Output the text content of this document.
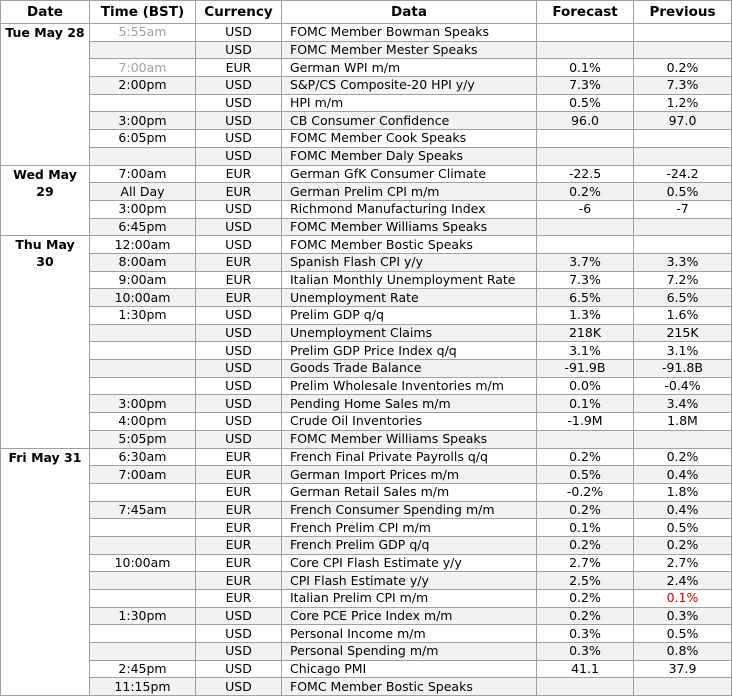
Date	Time (BST)	Currency	Data	Forecast	Previous
Tue May 28	5:55am	USD	FOMC Member Bowman Speaks		
		USD	FOMC Member Mester Speaks		
	7:00am	EUR	German WPI m/m	0.1%	0.2%
	2:00pm	USD	S&P/CS Composite-20 HPI y/y	7.3%	7.3%
		USD	HPI m/m	0.5%	1.2%
	3:00pm	USD	CB Consumer Confidence	96.0	97.0
	6:05pm	USD	FOMC Member Cook Speaks		
		USD	FOMC Member Daly Speaks		
Wed May 29	7:00am	EUR	German GfK Consumer Climate	-22.5	-24.2
	All Day	EUR	German Prelim CPI m/m	0.2%	0.5%
	3:00pm	USD	Richmond Manufacturing Index	-6	-7
	6:45pm	USD	FOMC Member Williams Speaks		
Thu May 30	12:00am	USD	FOMC Member Bostic Speaks		
	8:00am	EUR	Spanish Flash CPI y/y	3.7%	3.3%
	9:00am	EUR	Italian Monthly Unemployment Rate	7.3%	7.2%
	10:00am	EUR	Unemployment Rate	6.5%	6.5%
	1:30pm	USD	Prelim GDP q/q	1.3%	1.6%
		USD	Unemployment Claims	218K	215K
		USD	Prelim GDP Price Index q/q	3.1%	3.1%
		USD	Goods Trade Balance	-91.9B	-91.8B
		USD	Prelim Wholesale Inventories m/m	0.0%	-0.4%
	3:00pm	USD	Pending Home Sales m/m	0.1%	3.4%
	4:00pm	USD	Crude Oil Inventories	-1.9M	1.8M
	5:05pm	USD	FOMC Member Williams Speaks		
Fri May 31	6:30am	EUR	French Final Private Payrolls q/q	0.2%	0.2%
	7:00am	EUR	German Import Prices m/m	0.5%	0.4%
		EUR	German Retail Sales m/m	-0.2%	1.8%
	7:45am	EUR	French Consumer Spending m/m	0.2%	0.4%
		EUR	French Prelim CPI m/m	0.1%	0.5%
		EUR	French Prelim GDP q/q	0.2%	0.2%
	10:00am	EUR	Core CPI Flash Estimate y/y	2.7%	2.7%
		EUR	CPI Flash Estimate y/y	2.5%	2.4%
		EUR	Italian Prelim CPI m/m	0.2%	0.1%
	1:30pm	USD	Core PCE Price Index m/m	0.2%	0.3%
		USD	Personal Income m/m	0.3%	0.5%
		USD	Personal Spending m/m	0.3%	0.8%
	2:45pm	USD	Chicago PMI	41.1	37.9
	11:15pm	USD	FOMC Member Bostic Speaks		
